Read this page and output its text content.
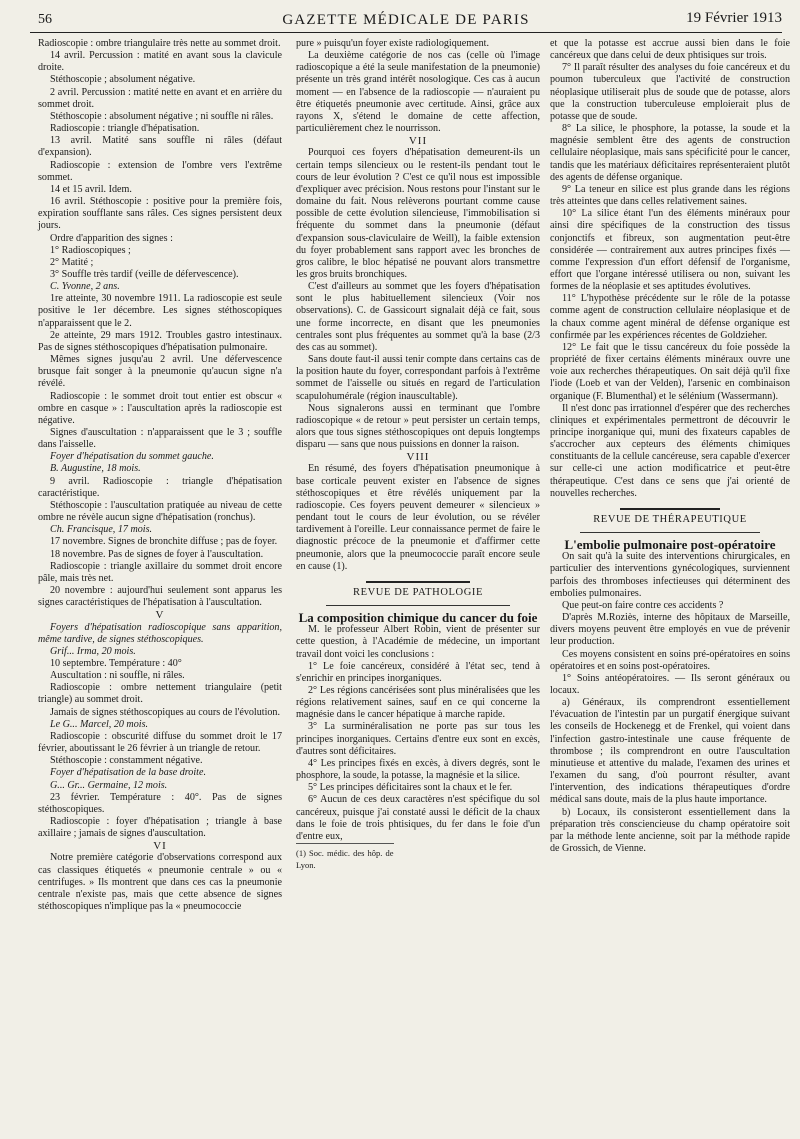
56	GAZETTE MÉDICALE DE PARIS	19 Février 1913

Radioscopie : ombre triangulaire très nette au sommet droit.

14 avril. Percussion : matité en avant sous la clavicule droite.

Stéthoscopie ; absolument négative.

2 avril. Percussion : matité nette en avant et en arrière du sommet droit.

Stéthoscopie : absolument négative ; ni souffle ni râles.

Radioscopie : triangle d'hépatisation.

13 avril. Matité sans souffle ni râles (défaut d'expansion).

Radioscopie : extension de l'ombre vers l'extrême sommet.

14 et 15 avril. Idem.

16 avril. Stéthoscopie : positive pour la première fois, expiration soufflante sans râles. Ces signes persistent deux jours.

Ordre d'apparition des signes :

1° Radioscopiques ;

2° Matité ;

3° Souffle très tardif (veille de défervescence).

C. Yvonne, 2 ans.

1re atteinte, 30 novembre 1911. La radioscopie est seule positive le 1er décembre. Les signes stéthoscopiques n'apparaissent que le 2.

2e atteinte, 29 mars 1912. Troubles gastro intestinaux. Pas de signes stéthoscopiques d'hépatisation pulmonaire.

Mêmes signes jusqu'au 2 avril. Une défervescence brusque fait songer à la pneumonie qu'aucun signe n'a révélé.

Radioscopie : le sommet droit tout entier est obscur « ombre en casque » : l'auscultation après la radioscopie est négative.

Signes d'auscultation : n'apparaissent que le 3 ; souffle dans l'aisselle.

Foyer d'hépatisation du sommet gauche.

B. Augustine, 18 mois.

9 avril. Radioscopie : triangle d'hépatisation caractéristique.

Stéthoscopie : l'auscultation pratiquée au niveau de cette ombre ne révèle aucun signe d'hépatisation (ronchus).

Ch. Francisque, 17 mois.

17 novembre. Signes de bronchite diffuse ; pas de foyer.

18 novembre. Pas de signes de foyer à l'auscultation.

Radioscopie : triangle axillaire du sommet droit encore pâle, mais très net.

20 novembre : aujourd'hui seulement sont apparus les signes caractéristiques de l'hépatisation à l'auscultation.

V

Foyers d'hépatisation radioscopique sans apparition, même tardive, de signes stéthoscopiques.

Grif... Irma, 20 mois.

10 septembre. Température : 40°

Auscultation : ni souffle, ni râles.

Radioscopie : ombre nettement triangulaire (petit triangle) au sommet droit.

Jamais de signes stéthoscopiques au cours de l'évolution.

Le G... Marcel, 20 mois.

Radioscopie : obscurité diffuse du sommet droit le 17 février, aboutissant le 26 février à un triangle de retour.

Stéthoscopie : constamment négative.

Foyer d'hépatisation de la base droite.

G... Gr... Germaine, 12 mois.

23 février. Température : 40°. Pas de signes stéthoscopiques.

Radioscopie : foyer d'hépatisation ; triangle à base axillaire ; jamais de signes d'auscultation.

VI

Notre première catégorie d'observations correspond aux cas classiques étiquetés « pneumonie centrale » ou « centrifuges. » Ils montrent que dans ces cas la pneumonie centrale n'existe pas, mais que cette absence de signes stéthoscopiques n'implique pas la « pneumococcie

pure » puisqu'un foyer existe radiologiquement.

La deuxième catégorie de nos cas (celle où l'image radioscopique a été la seule manifestation de la pneumonie) présente un très grand intérêt nosologique. Ces cas à aucun moment — en l'absence de la radioscopie — n'auraient pu être étiquetés pneumonie avec certitude. Ainsi, grâce aux rayons X, s'étend le domaine de cette affection, particulièrement chez le nourrisson.

VII

Pourquoi ces foyers d'hépatisation demeurent-ils un certain temps silencieux ou le restent-ils pendant tout le cours de leur évolution ? C'est ce qu'il nous est impossible d'expliquer avec précision. Nous restons pour l'instant sur le domaine du fait. Nous relèverons pourtant comme cause possible de cette évolution silencieuse, l'immobilisation si fréquente du sommet dans la pneumonie (défaut d'expansion sous-claviculaire de Weill), la faible extension du foyer probablement sans rapport avec les bronches de gros calibre, le bloc hépatisé ne pouvant alors transmettre les gros bruits bronchiques.

C'est d'ailleurs au sommet que les foyers d'hépatisation sont le plus habituellement silencieux (Voir nos observations). C. de Gassicourt signalait déjà ce fait, sous une forme incorrecte, en disant que les pneumonies centrales sont plus fréquentes au sommet qu'à la base (2/3 des cas au sommet).

Sans doute faut-il aussi tenir compte dans certains cas de la position haute du foyer, correspondant parfois à l'extrême sommet de l'aisselle ou situés en regard de l'articulation scapulohumérale (région inauscultable).

Nous signalerons aussi en terminant que l'ombre radioscopique « de retour » peut persister un certain temps, alors que tous signes stéthoscopiques ont depuis longtemps disparu — sans que nous puissions en donner la raison.

VIII

En résumé, des foyers d'hépatisation pneumonique à base corticale peuvent exister en l'absence de signes stéthoscopiques et être révélés uniquement par la radioscopie. Ces foyers peuvent demeurer « silencieux » pendant tout le cours de leur évolution, ou se révéler tardivement à l'oreille. Leur connaissance permet de faire le diagnostic précoce de la pneumonie et d'affirmer cette pneumonie, alors que la pneumococcie paraît encore seule en cause (1).

REVUE DE PATHOLOGIE

La composition chimique du cancer du foie

M. le professeur Albert Robin, vient de présenter sur cette question, à l'Académie de médecine, un important travail dont voici les conclusions :

1° Le foie cancéreux, considéré à l'état sec, tend à s'enrichir en principes inorganiques.

2° Les régions cancérisées sont plus minéralisées que les régions relativement saines, sauf en ce qui concerne la magnésie dans le cancer hépatique à marche rapide.

3° La surminéralisation ne porte pas sur tous les principes inorganiques. Certains d'entre eux sont en excès, d'autres sont déficitaires.

4° Les principes fixés en excès, à divers degrés, sont le phosphore, la soude, la potasse, la magnésie et la silice.

5° Les principes déficitaires sont la chaux et le fer.

6° Aucun de ces deux caractères n'est spécifique du sol cancéreux, puisque j'ai constaté aussi le déficit de la chaux dans le foie de trois phtisiques, du fer dans le foie d'un d'entre eux,

(1) Soc. médic. des hôp. de Lyon.

et que la potasse est accrue aussi bien dans le foie cancéreux que dans celui de deux phtisiques sur trois.

7° Il paraît résulter des analyses du foie cancéreux et du poumon tuberculeux que l'activité de construction néoplasique utiliserait plus de soude que de potasse, alors que la construction tuberculeuse emploierait plus de potasse que de soude.

8° La silice, le phosphore, la potasse, la soude et la magnésie semblent être des agents de construction cellulaire néoplasique, mais sans spécificité pour le cancer, tandis que les matériaux déficitaires représenteraient plutôt des agents de défense organique.

9° La teneur en silice est plus grande dans les régions très atteintes que dans celles relativement saines.

10° La silice étant l'un des éléments minéraux pour ainsi dire spécifiques de la construction des tissus conjonctifs et fibreux, son augmentation peut-être considérée — contrairement aux autres principes fixés — comme l'expression d'un effort défensif de l'organisme, effort que l'organe intéressé utilisera ou non, suivant les formes de la néoplasie et ses aptitudes évolutives.

11° L'hypothèse précédente sur le rôle de la potasse comme agent de construction cellulaire néoplasique et de la chaux comme agent minéral de défense organique est confirmée par les expériences récentes de Goldzieher.

12° Le fait que le tissu cancéreux du foie possède la propriété de fixer certains éléments minéraux ouvre une voie aux recherches thérapeutiques. On sait déjà qu'il fixe l'iode (Loeb et van der Velden), l'arsenic en combinaison organique (F. Blumenthal) et le sélénium (Wassermann).

Il n'est donc pas irrationnel d'espérer que des recherches cliniques et expérimentales permettront de découvrir le principe inorganique qui, muni des fixateurs capables de s'accrocher aux cepteurs des éléments chimiques constituants de la cellule cancéreuse, sera capable d'exercer sur celle-ci une action modificatrice et peut-être thérapeutique. C'est dans ce sens que j'ai orienté de nouvelles recherches.

REVUE DE THÉRAPEUTIQUE

L'embolie pulmonaire post-opératoire

On sait qu'à la suite des interventions chirurgicales, en particulier des interventions gynécologiques, surviennent parfois des thromboses infectieuses qui déterminent des embolies pulmonaires.

Que peut-on faire contre ces accidents ?

D'après M.Roziès, interne des hôpitaux de Marseille, divers moyens peuvent être employés en vue de prévenir leur production.

Ces moyens consistent en soins pré-opératoires en soins opératoires et en soins post-opératoires.

1° Soins antéopératoires. — Ils seront généraux ou locaux.

a) Généraux, ils comprendront essentiellement l'évacuation de l'intestin par un purgatif énergique suivant les conseils de Hockenegg et de Frenkel, qui voient dans l'infection gastro-intestinale une cause fréquente de thrombose ; ils comprendront en outre l'auscultation minutieuse et attentive du malade, l'examen des urines et l'examen du sang, d'où pourront résulter, avant l'intervention, des indications thérapeutiques d'ordre médical sans doute, mais de la plus haute importance.

b) Locaux, ils consisteront essentiellement dans la préparation très consciencieuse du champ opératoire soit par la méthode lente ancienne, soit par la méthode rapide de Grossich, de Vienne.
